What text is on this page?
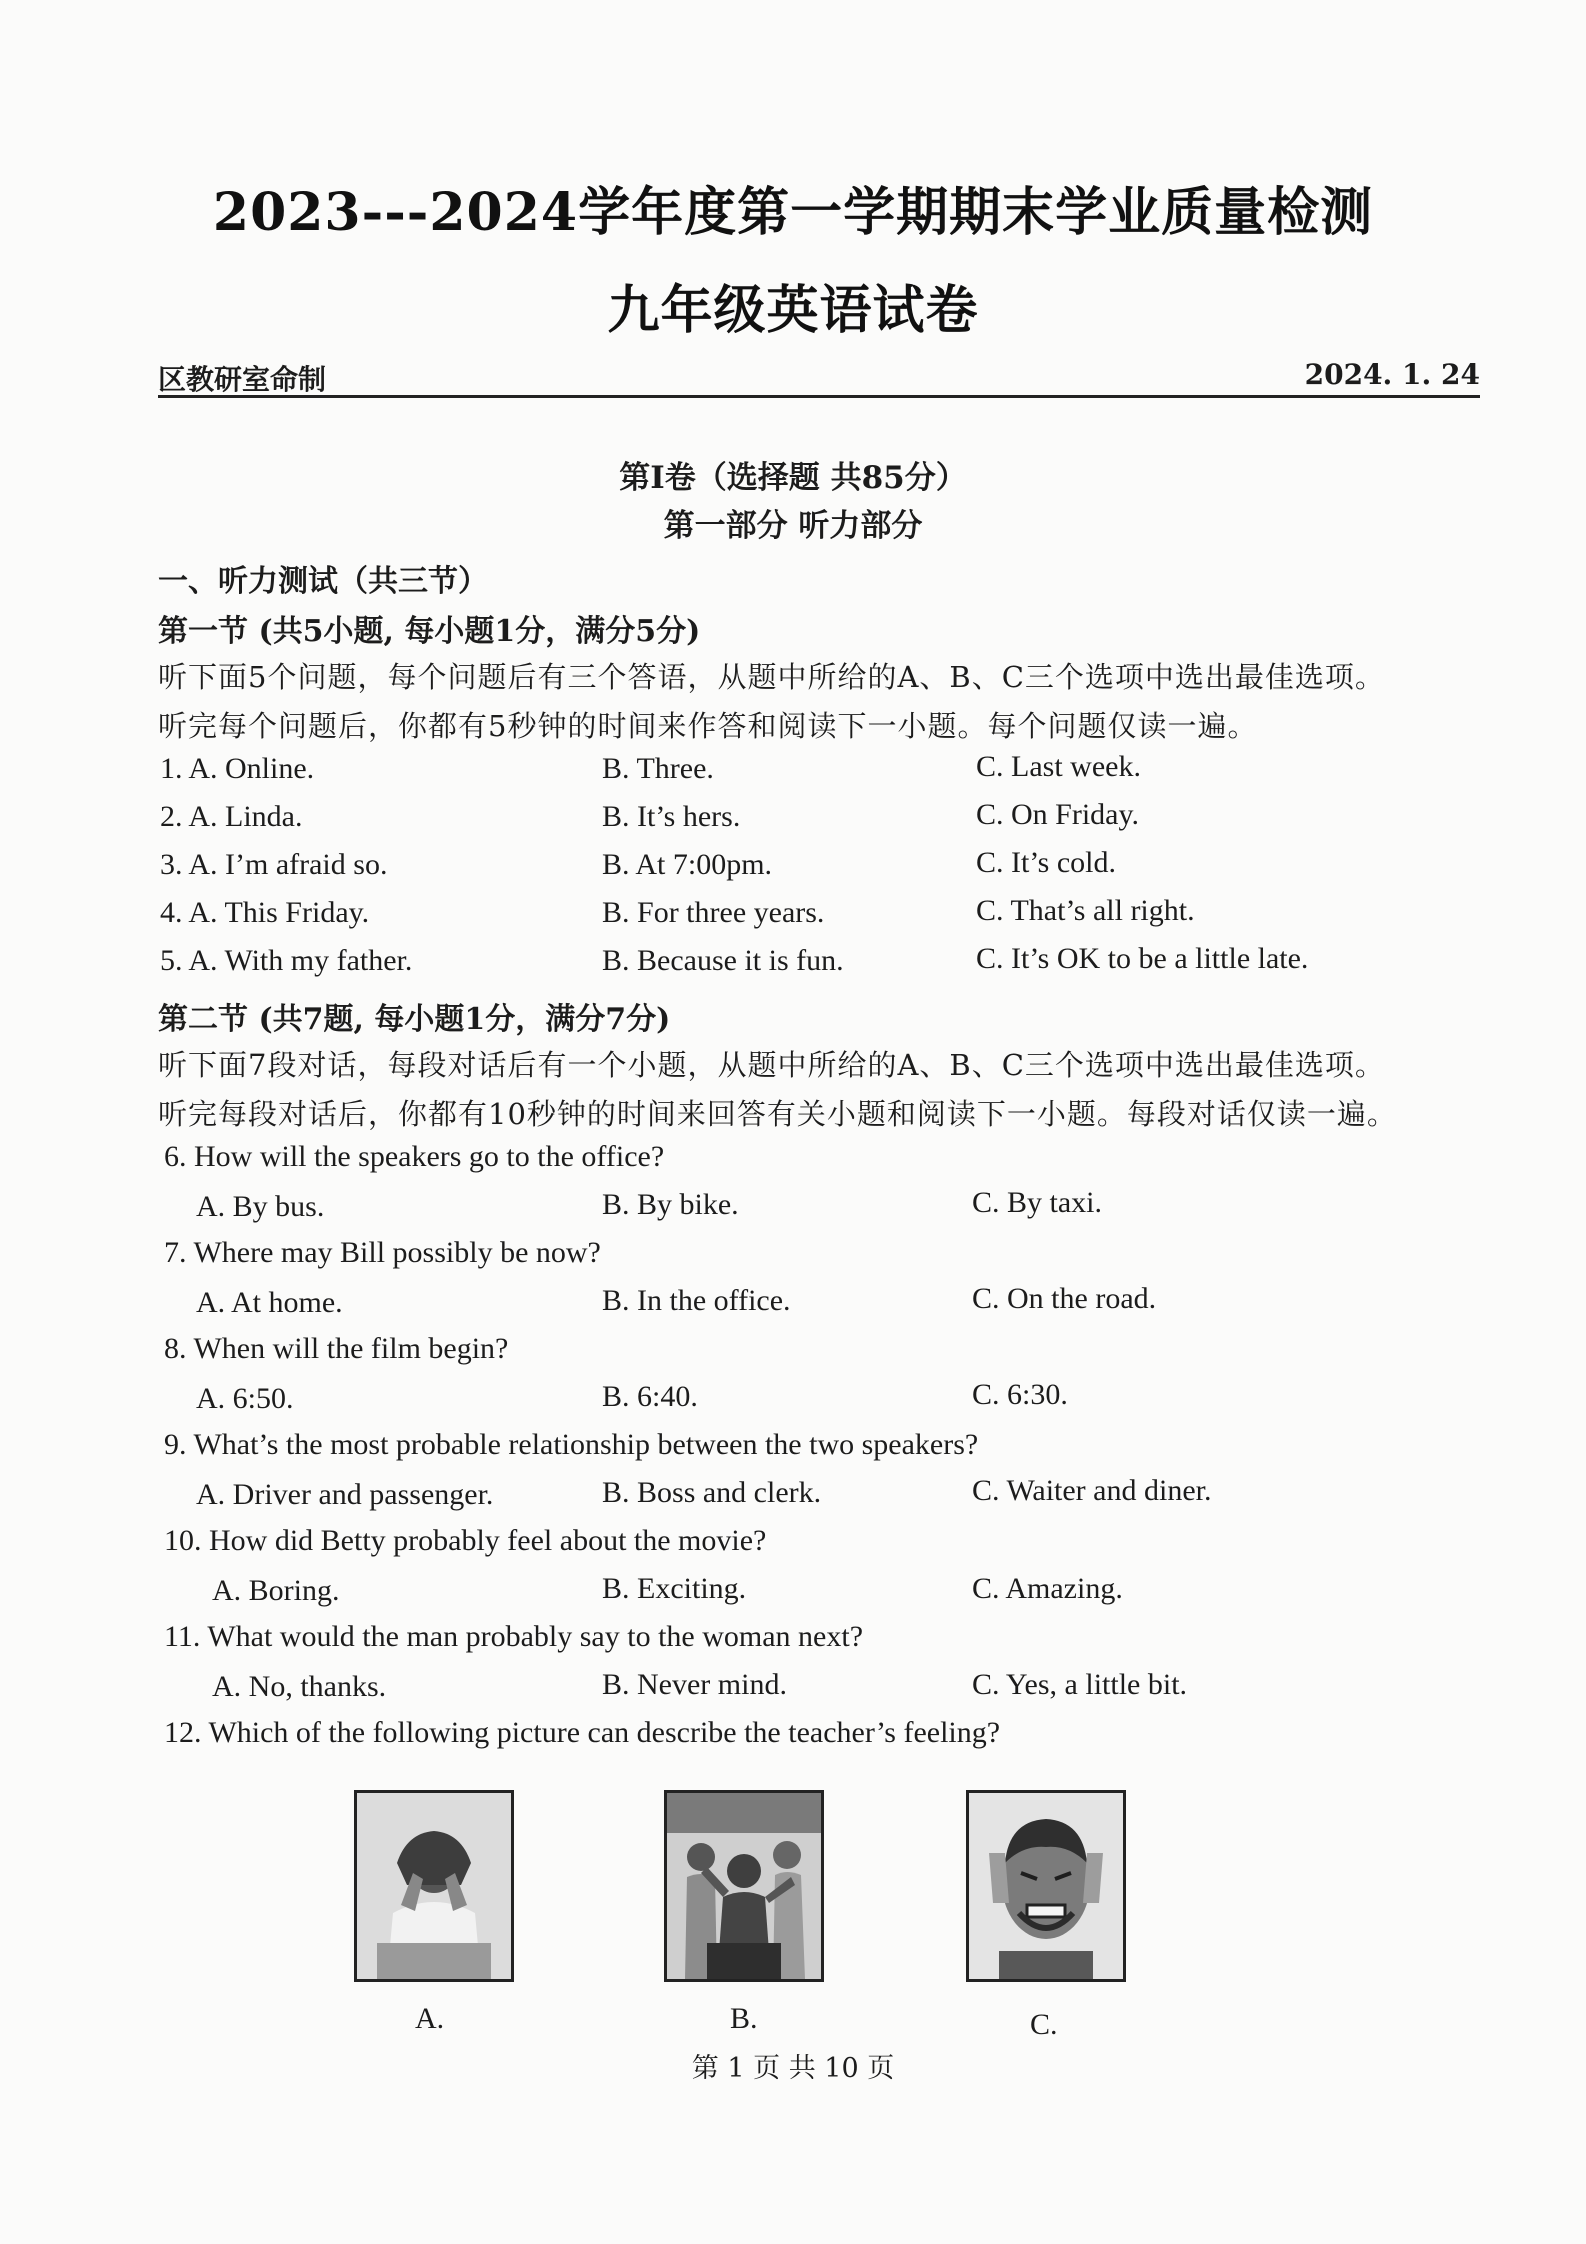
2023---2024学年度第一学期期末学业质量检测
九年级英语试卷
区教研室命制	2024. 1. 24
第Ⅰ卷（选择题 共85分）
第一部分 听力部分
一、听力测试（共三节）
第一节 (共5小题, 每小题1分，满分5分)
听下面5个问题，每个问题后有三个答语，从题中所给的A、B、C三个选项中选出最佳选项。
听完每个问题后，你都有5秒钟的时间来作答和阅读下一小题。每个问题仅读一遍。
1. A. Online.	B. Three.	C. Last week.
2. A. Linda.	B. It’s hers.	C. On Friday.
3. A. I’m afraid so.	B. At 7:00pm.	C. It’s cold.
4. A. This Friday.	B. For three years.	C. That’s all right.
5. A. With my father.	B. Because it is fun.	C. It’s OK to be a little late.
第二节 (共7题, 每小题1分，满分7分)
听下面7段对话，每段对话后有一个小题，从题中所给的A、B、C三个选项中选出最佳选项。
听完每段对话后，你都有10秒钟的时间来回答有关小题和阅读下一小题。每段对话仅读一遍。
6. How will the speakers go to the office?
A. By bus.	B. By bike.	C. By taxi.
7. Where may Bill possibly be now?
A. At home.	B. In the office.	C. On the road.
8. When will the film begin?
A. 6:50.	B. 6:40.	C. 6:30.
9. What’s the most probable relationship between the two speakers?
A. Driver and passenger.	B. Boss and clerk.	C. Waiter and diner.
10. How did Betty probably feel about the movie?
A. Boring.	B. Exciting.	C. Amazing.
11. What would the man probably say to the woman next?
A. No, thanks.	B. Never mind.	C. Yes, a little bit.
12. Which of the following picture can describe the teacher’s feeling?
A.	B.	C.
第 1 页 共 10 页
